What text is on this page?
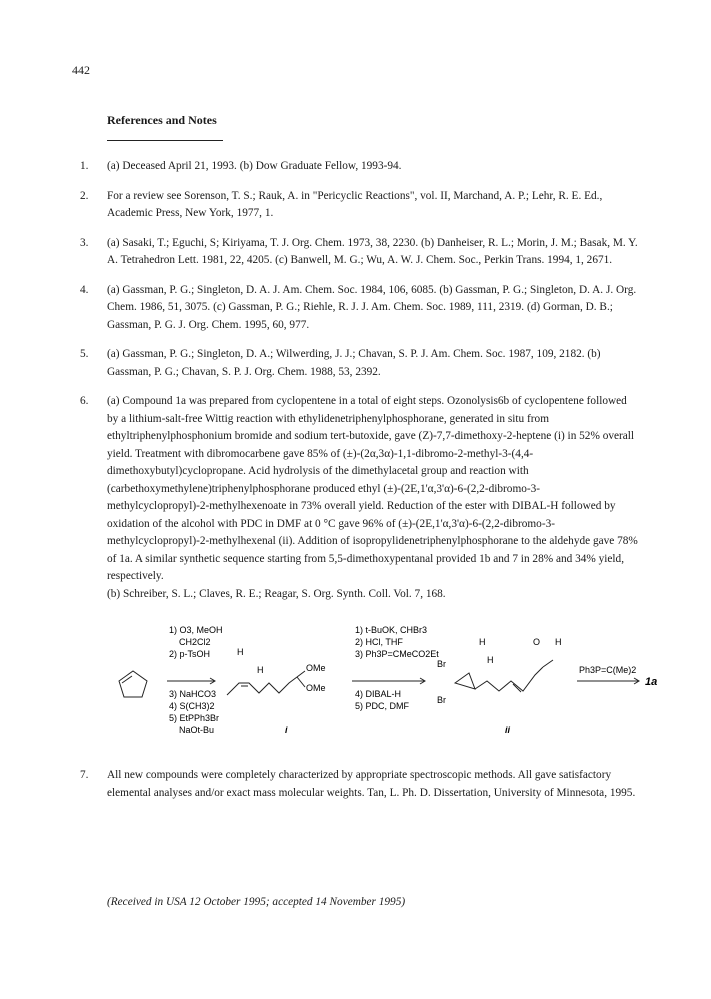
442
References and Notes
1. (a) Deceased April 21, 1993. (b) Dow Graduate Fellow, 1993-94.
2. For a review see Sorenson, T. S.; Rauk, A. in "Pericyclic Reactions", vol. II, Marchand, A. P.; Lehr, R. E. Ed., Academic Press, New York, 1977, 1.
3. (a) Sasaki, T.; Eguchi, S; Kiriyama, T. J. Org. Chem. 1973, 38, 2230. (b) Danheiser, R. L.; Morin, J. M.; Basak, M. Y. A. Tetrahedron Lett. 1981, 22, 4205. (c) Banwell, M. G.; Wu, A. W. J. Chem. Soc., Perkin Trans. 1994, 1, 2671.
4. (a) Gassman, P. G.; Singleton, D. A. J. Am. Chem. Soc. 1984, 106, 6085. (b) Gassman, P. G.; Singleton, D. A. J. Org. Chem. 1986, 51, 3075. (c) Gassman, P. G.; Riehle, R. J. J. Am. Chem. Soc. 1989, 111, 2319. (d) Gorman, D. B.; Gassman, P. G. J. Org. Chem. 1995, 60, 977.
5. (a) Gassman, P. G.; Singleton, D. A.; Wilwerding, J. J.; Chavan, S. P. J. Am. Chem. Soc. 1987, 109, 2182. (b) Gassman, P. G.; Chavan, S. P. J. Org. Chem. 1988, 53, 2392.
6. (a) Compound 1a was prepared from cyclopentene in a total of eight steps. Ozonolysis6b of cyclopentene followed by a lithium-salt-free Wittig reaction with ethylidenetriphenylphosphorane, generated in situ from ethyltriphenylphosphonium bromide and sodium tert-butoxide, gave (Z)-7,7-dimethoxy-2-heptene (i) in 52% overall yield. Treatment with dibromocarbene gave 85% of (±)-(2α,3α)-1,1-dibromo-2-methyl-3-(4,4-dimethoxybutyl)cyclopropane. Acid hydrolysis of the dimethylacetal group and reaction with (carbethoxymethylene)triphenylphosphorane produced ethyl (±)-(2E,1'α,3'α)-6-(2,2-dibromo-3-methylcyclopropyl)-2-methylhexenoate in 73% overall yield. Reduction of the ester with DIBAL-H followed by oxidation of the alcohol with PDC in DMF at 0 °C gave 96% of (±)-(2E,1'α,3'α)-6-(2,2-dibromo-3-methylcyclopropyl)-2-methylhexenal (ii). Addition of isopropylidenetriphenylphosphorane to the aldehyde gave 78% of 1a. A similar synthetic sequence starting from 5,5-dimethoxypentanal provided 1b and 7 in 28% and 34% yield, respectively.
(b) Schreiber, S. L.; Claves, R. E.; Reagar, S. Org. Synth. Coll. Vol. 7, 168.
1) O3, MeOH
CH2Cl2
2) p-TsOH
3) NaHCO3
4) S(CH3)2
5) EtPPh3Br
NaOt-Bu
H
H	OMe
OMe
i
1) t-BuOK, CHBr3
2) HCl, THF
3) Ph3P=CMeCO2Et
4) DIBAL-H
5) PDC, DMF
H
H
H
O
Br
Br
ii
Ph3P=C(Me)2
1a
7. All new compounds were completely characterized by appropriate spectroscopic methods. All gave satisfactory elemental analyses and/or exact mass molecular weights. Tan, L. Ph. D. Dissertation, University of Minnesota, 1995.
(Received in USA 12 October 1995; accepted 14 November 1995)
